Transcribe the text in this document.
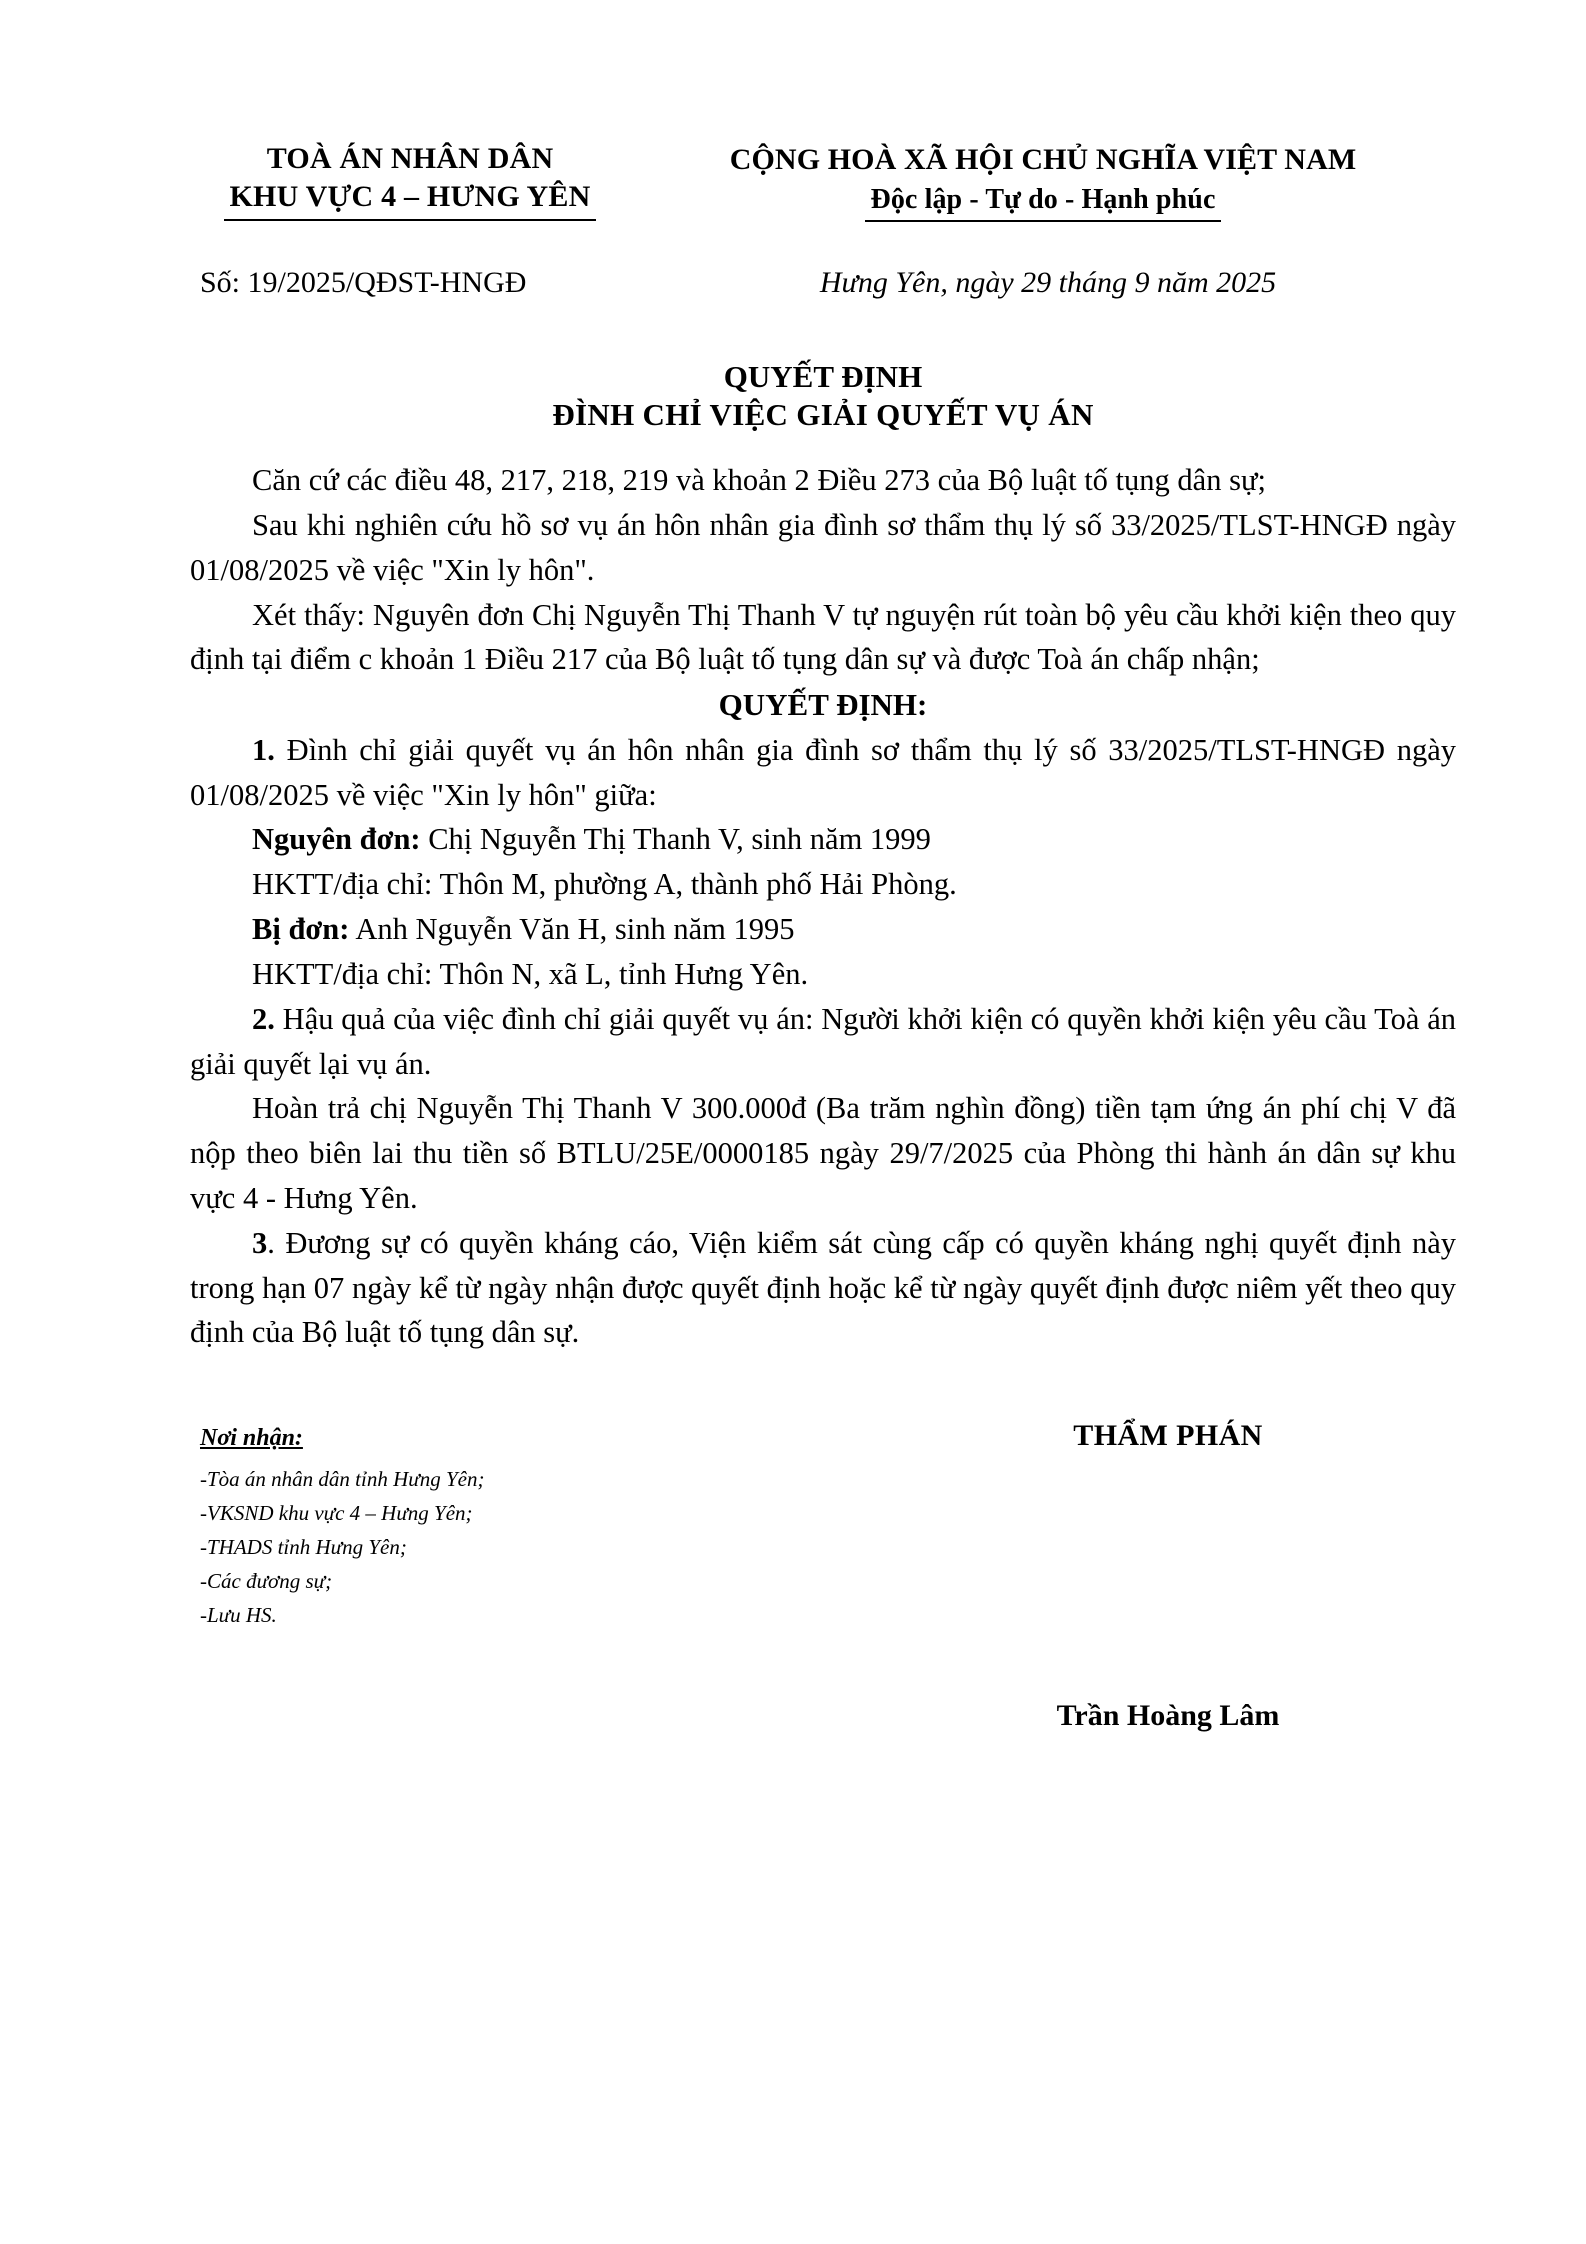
TOÀ ÁN NHÂN DÂN
KHU VỰC 4 – HƯNG YÊN
CỘNG HOÀ XÃ HỘI CHỦ NGHĨA VIỆT NAM
Độc lập - Tự do - Hạnh phúc
Số: 19/2025/QĐST-HNGĐ	Hưng Yên, ngày 29 tháng 9 năm 2025
QUYẾT ĐỊNH
ĐÌNH CHỈ VIỆC GIẢI QUYẾT VỤ ÁN

Căn cứ các điều 48, 217, 218, 219 và khoản 2 Điều 273 của Bộ luật tố tụng dân sự;

Sau khi nghiên cứu hồ sơ vụ án hôn nhân gia đình sơ thẩm thụ lý số 33/2025/TLST-HNGĐ ngày 01/08/2025 về việc "Xin ly hôn".

Xét thấy: Nguyên đơn Chị Nguyễn Thị Thanh V tự nguyện rút toàn bộ yêu cầu khởi kiện theo quy định tại điểm c khoản 1 Điều 217 của Bộ luật tố tụng dân sự và được Toà án chấp nhận;

QUYẾT ĐỊNH:

1. Đình chỉ giải quyết vụ án hôn nhân gia đình sơ thẩm thụ lý số 33/2025/TLST-HNGĐ ngày 01/08/2025 về việc "Xin ly hôn" giữa:

Nguyên đơn: Chị Nguyễn Thị Thanh V, sinh năm 1999

HKTT/địa chỉ: Thôn M, phường A, thành phố Hải Phòng.

Bị đơn: Anh Nguyễn Văn H, sinh năm 1995

HKTT/địa chỉ: Thôn N, xã L, tỉnh Hưng Yên.

2. Hậu quả của việc đình chỉ giải quyết vụ án: Người khởi kiện có quyền khởi kiện yêu cầu Toà án giải quyết lại vụ án.

Hoàn trả chị Nguyễn Thị Thanh V 300.000đ (Ba trăm nghìn đồng) tiền tạm ứng án phí chị V đã nộp theo biên lai thu tiền số BTLU/25E/0000185 ngày 29/7/2025 của Phòng thi hành án dân sự khu vực 4 - Hưng Yên.

3. Đương sự có quyền kháng cáo, Viện kiểm sát cùng cấp có quyền kháng nghị quyết định này trong hạn 07 ngày kể từ ngày nhận được quyết định hoặc kể từ ngày quyết định được niêm yết theo quy định của Bộ luật tố tụng dân sự.

Nơi nhận:
-Tòa án nhân dân tỉnh Hưng Yên;
-VKSND khu vực 4 – Hưng Yên;
-THADS tỉnh Hưng Yên;
-Các đương sự;
-Lưu HS.
THẨM PHÁN
Trần Hoàng Lâm
